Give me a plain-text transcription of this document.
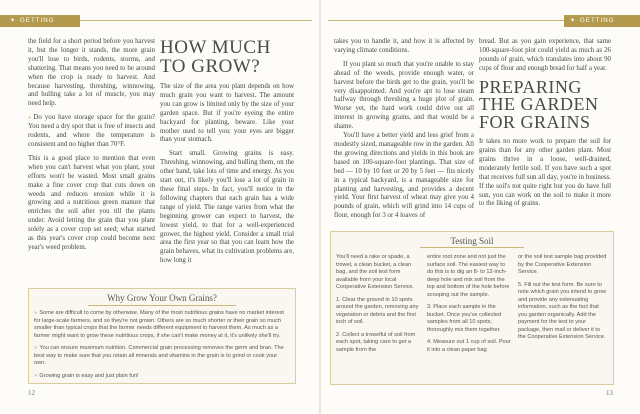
✦ GETTING STARTED
✦ GETTING STARTED

the field for a short period before you harvest it, but the longer it stands, the more grain you'll lose to birds, rodents, storms, and shattering. That means you need to be around when the crop is ready to harvest. And because harvesting, threshing, winnowing, and hulling take a lot of muscle, you may need help.

» Do you have storage space for the grain? You need a dry spot that is free of insects and rodents, and where the temperature is consistent and no higher than 70°F.

This is a good place to mention that even when you can't harvest what you plant, your efforts won't be wasted. Most small grains make a fine cover crop that cuts down on weeds and reduces erosion while it is growing and a nutritious green manure that enriches the soil after you till the plants under. Avoid letting the grain that you plant solely as a cover crop set seed; what started as this year's cover crop could become next year's weed problem.

HOW MUCH
TO GROW?

The size of the area you plant depends on how much grain you want to harvest. The amount you can grow is limited only by the size of your garden space. But if you're eyeing the entire backyard for planting, beware. Like your mother used to tell you: your eyes are bigger than your stomach.

Start small. Growing grains is easy. Threshing, winnowing, and hulling them, on the other hand, take lots of time and energy. As you start out, it's likely you'll lose a lot of grain in these final steps. In fact, you'll notice in the following chapters that each grain has a wide range of yield. The range varies from what the beginning grower can expect to harvest, the lowest yield, to that for a well-experienced grower, the highest yield. Consider a small trial area the first year so that you can learn how the grain behaves, what its cultivation problems are, how long it

Why Grow Your Own Grains?

» Some are difficult to come by otherwise. Many of the most nutritious grains have no market interest for large-scale farmers, and so they're not grown. Others are so much shorter or their grain so much smaller than typical crops that the farmer needs different equipment to harvest them. As much as a farmer might want to grow these nutritious crops, if she can't make money at it, it's unlikely she'll try.

» You can ensure maximum nutrition. Commercial grain processing removes the germ and bran. The best way to make sure that you retain all minerals and vitamins in the grain is to grind or cook your own.

» Growing grain is easy and just plain fun!

12

takes you to handle it, and how it is affected by varying climate conditions.

If you plant so much that you're unable to stay ahead of the weeds, provide enough water, or harvest before the birds get to the grain, you'll be very disappointed. And you're apt to lose steam halfway through threshing a huge plot of grain. Worse yet, the hard work could drive out all interest in growing grains, and that would be a shame.

You'll have a better yield and less grief from a modestly sized, manageable row in the garden. All the growing directions and yields in this book are based on 100-square-foot plantings. That size of bed — 10 by 10 feet or 20 by 5 feet — fits nicely in a typical backyard, is a manageable size for planting and harvesting, and provides a decent yield. Your first harvest of wheat may give you 4 pounds of grain, which will grind into 14 cups of flour, enough for 3 or 4 loaves of

bread. But as you gain experience, that same 100-square-foot plot could yield as much as 26 pounds of grain, which translates into about 90 cups of flour and enough bread for half a year.

PREPARING
THE GARDEN
FOR GRAINS

It takes no more work to prepare the soil for grains than for any other garden plant. Most grains thrive in a loose, well-drained, moderately fertile soil. If you have such a spot that receives full sun all day, you're in business. If the soil's not quite right but you do have full sun, you can work on the soil to make it more to the liking of grains.

Testing Soil

You'll need a rake or spade, a trowel, a clean bucket, a clean bag, and the soil test form available from your local Cooperative Extension Service.

1. Clear the ground in 10 spots around the garden, removing any vegetation or debris and the first inch of soil.

2. Collect a trowelful of soil from each spot, taking care to get a sample from the

entire root zone and not just the surface soil. The easiest way to do this is to dig an 8- to 12-inch-deep hole and mix soil from the top and bottom of the hole before scooping out the sample.

3. Place each sample in the bucket. Once you've collected samples from all 10 spots, thoroughly mix them together.

4. Measure out 1 cup of soil. Pour it into a clean paper bag

or the soil test sample bag provided by the Cooperative Extension Service.

5. Fill out the test form. Be sure to note which grain you intend to grow and provide any extenuating information, such as the fact that you garden organically. Add the payment for the test to your package, then mail or deliver it to the Cooperative Extension Service.

13
